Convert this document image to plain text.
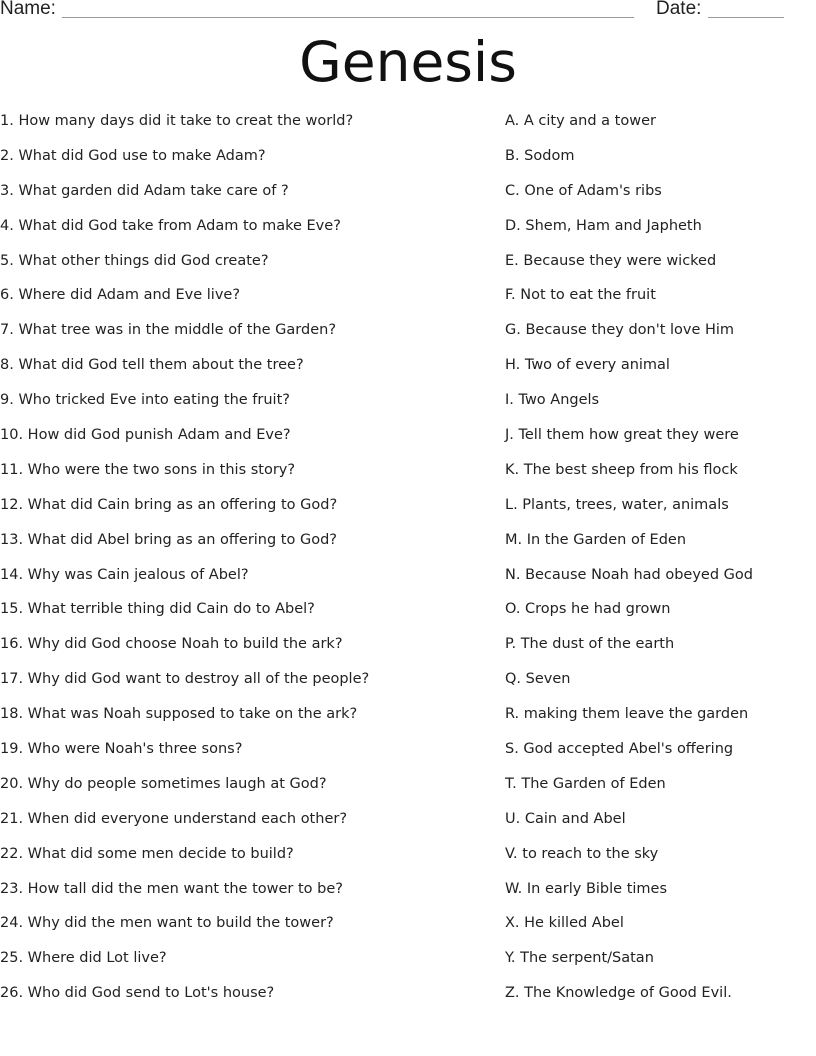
Name:	Date:
Genesis
1. How many days did it take to creat the world?
2. What did God use to make Adam?
3. What garden did Adam take care of ?
4. What did God take from Adam to make Eve?
5. What other things did God create?
6. Where did Adam and Eve live?
7. What tree was in the middle of the Garden?
8. What did God tell them about the tree?
9. Who tricked Eve into eating the fruit?
10. How did God punish Adam and Eve?
11. Who were the two sons in this story?
12. What did Cain bring as an offering to God?
13. What did Abel bring as an offering to God?
14. Why was Cain jealous of Abel?
15. What terrible thing did Cain do to Abel?
16. Why did God choose Noah to build the ark?
17. Why did God want to destroy all of the people?
18. What was Noah supposed to take on the ark?
19. Who were Noah's three sons?
20. Why do people sometimes laugh at God?
21. When did everyone understand each other?
22. What did some men decide to build?
23. How tall did the men want the tower to be?
24. Why did the men want to build the tower?
25. Where did Lot live?
26. Who did God send to Lot's house?
A. A city and a tower
B. Sodom
C. One of Adam's ribs
D. Shem, Ham and Japheth
E. Because they were wicked
F. Not to eat the fruit
G. Because they don't love Him
H. Two of every animal
I. Two Angels
J. Tell them how great they were
K. The best sheep from his flock
L. Plants, trees, water, animals
M. In the Garden of Eden
N. Because Noah had obeyed God
O. Crops he had grown
P. The dust of the earth
Q. Seven
R. making them leave the garden
S. God accepted Abel's offering
T. The Garden of Eden
U. Cain and Abel
V. to reach to the sky
W. In early Bible times
X. He killed Abel
Y. The serpent/Satan
Z. The Knowledge of Good Evil.
